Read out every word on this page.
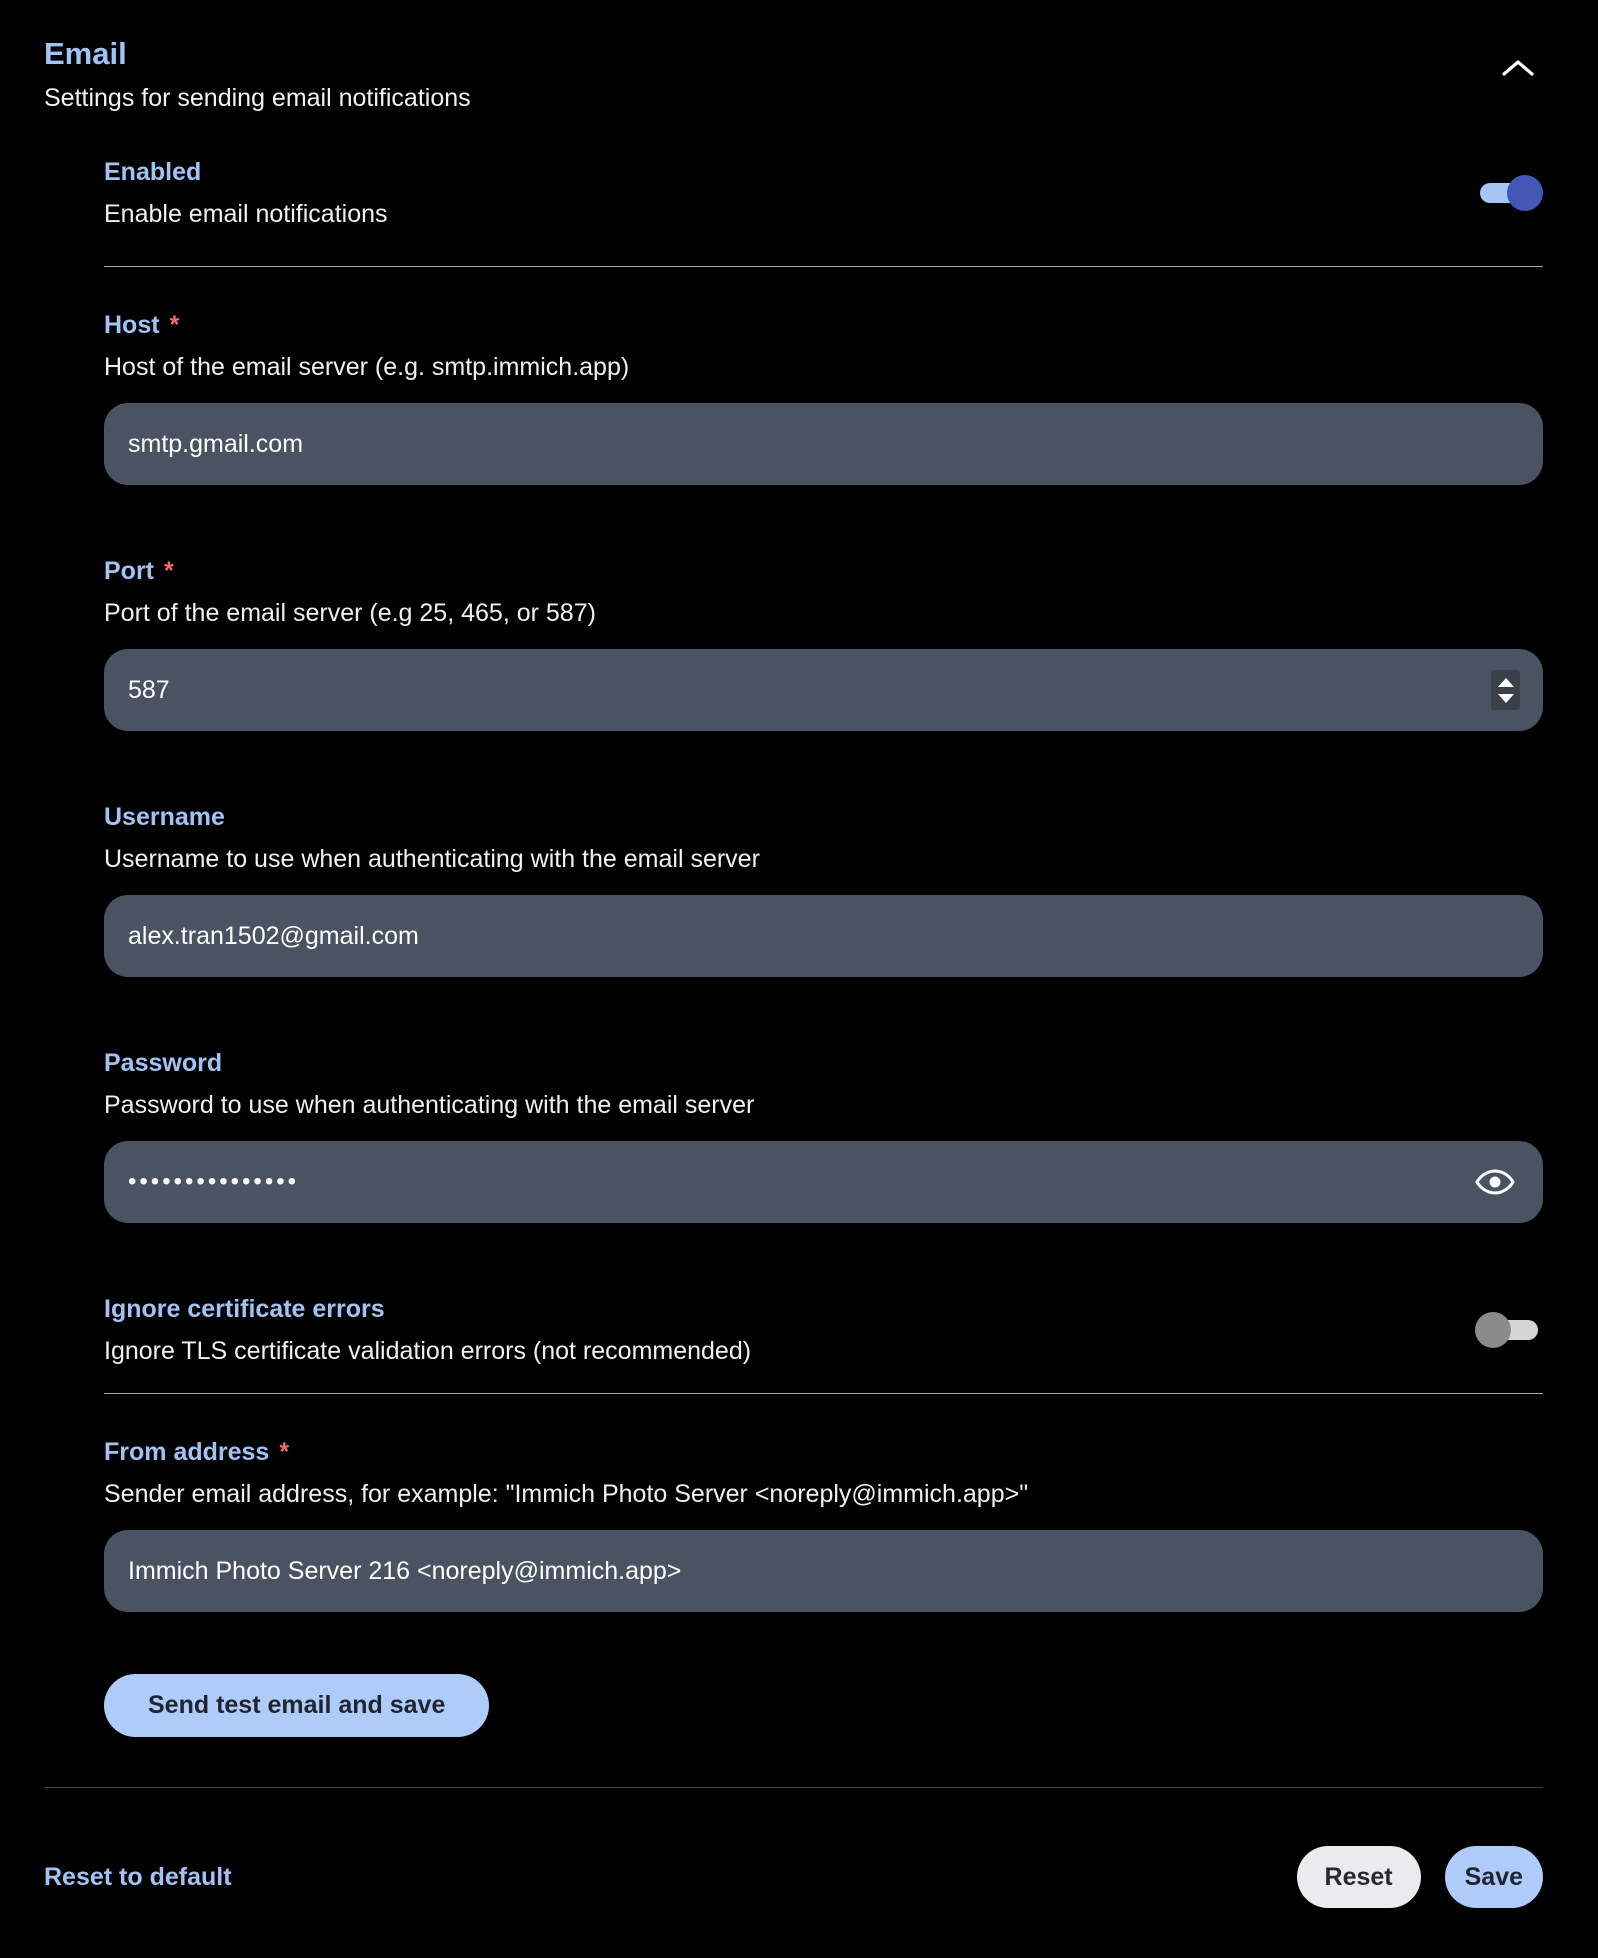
Email
Settings for sending email notifications
Enabled
Enable email notifications
Host *
Host of the email server (e.g. smtp.immich.app)
smtp.gmail.com
Port *
Port of the email server (e.g 25, 465, or 587)
587
Username
Username to use when authenticating with the email server
alex.tran1502@gmail.com
Password
Password to use when authenticating with the email server
•••••••••••••••
Ignore certificate errors
Ignore TLS certificate validation errors (not recommended)
From address *
Sender email address, for example: "Immich Photo Server <noreply@immich.app>"
Immich Photo Server 216 <noreply@immich.app>
Send test email and save
Reset to default	Reset	Save
